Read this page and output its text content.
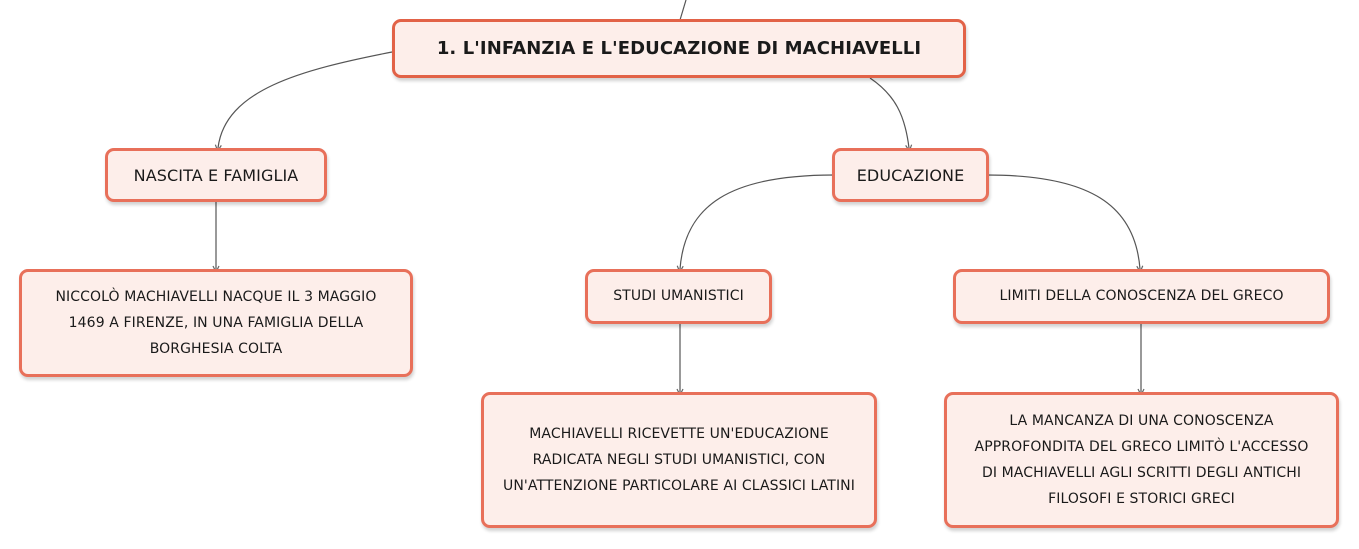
1. L'INFANZIA E L'EDUCAZIONE DI MACHIAVELLI
NASCITA E FAMIGLIA
NICCOLÒ MACHIAVELLI NACQUE IL 3 MAGGIO 1469 A FIRENZE, IN UNA FAMIGLIA DELLA BORGHESIA COLTA
EDUCAZIONE
STUDI UMANISTICI
MACHIAVELLI RICEVETTE UN'EDUCAZIONE RADICATA NEGLI STUDI UMANISTICI, CON UN'ATTENZIONE PARTICOLARE AI CLASSICI LATINI
LIMITI DELLA CONOSCENZA DEL GRECO
LA MANCANZA DI UNA CONOSCENZA APPROFONDITA DEL GRECO LIMITÒ L'ACCESSO DI MACHIAVELLI AGLI SCRITTI DEGLI ANTICHI FILOSOFI E STORICI GRECI
